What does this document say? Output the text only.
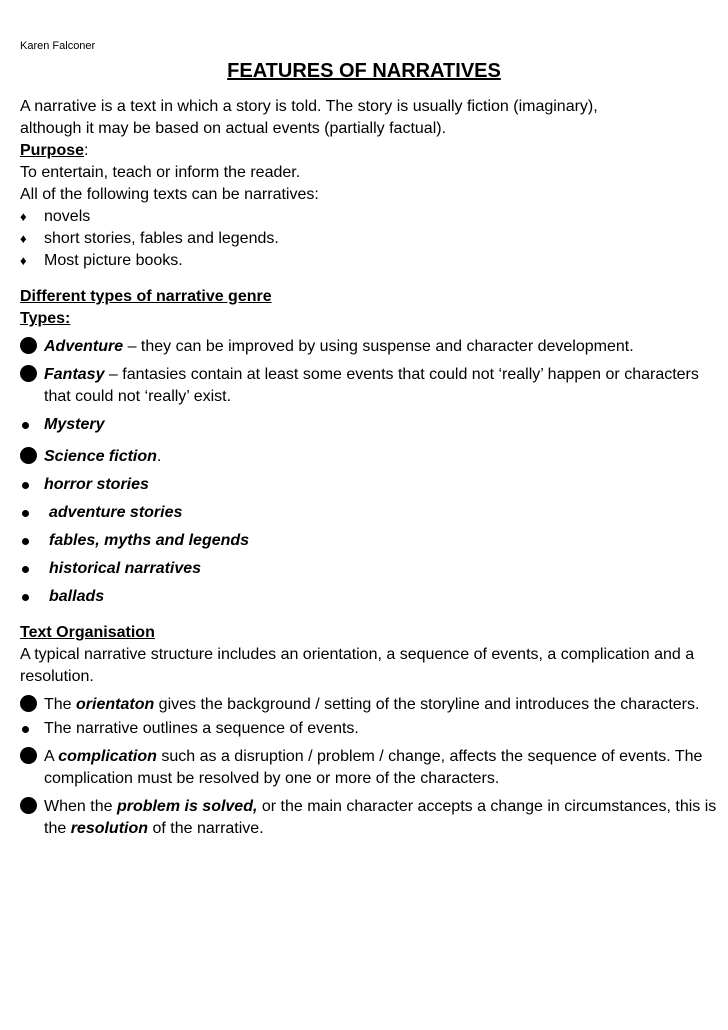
Karen Falconer
FEATURES OF NARRATIVES
A narrative is a text in which a story is told. The story is usually fiction (imaginary),
although it may be based on actual events (partially factual).
Purpose:
To entertain, teach or inform the reader.
All of the following texts can be narratives:
♦	novels
♦	short stories, fables and legends.
♦	Most picture books.
Different types of narrative genre
Types:
Adventure – they can be improved by using suspense and character development.
Fantasy – fantasies contain at least some events that could not ‘really’ happen or characters that could not ‘really’ exist.
Mystery
Science fiction.
horror stories
adventure stories
fables, myths and legends
historical narratives
ballads
Text Organisation
A typical narrative structure includes an orientation, a sequence of events, a complication and a resolution.
The orientaton gives the background / setting of the storyline and introduces the characters.
The narrative outlines a sequence of events.
A complication such as a disruption / problem / change, affects the sequence of events. The complication must be resolved by one or more of the characters.
When the problem is solved, or the main character accepts a change in circumstances, this is the resolution of the narrative.
